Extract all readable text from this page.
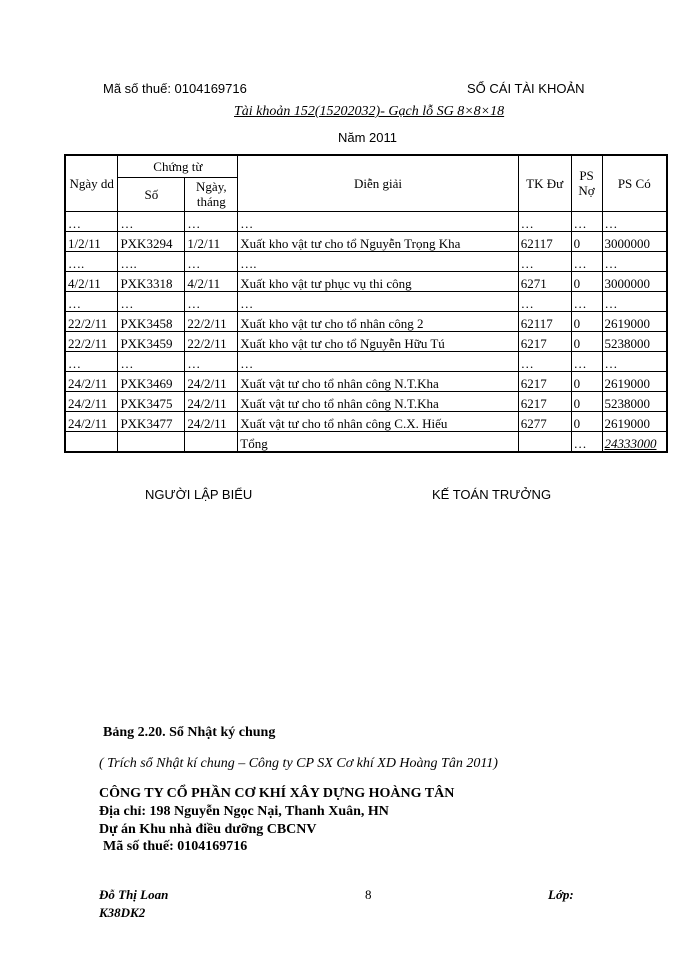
Mã số thuế: 0104169716	SỔ CÁI TÀI KHOẢN
Tài khoản 152(15202032)- Gạch lỗ SG 8×8×18
Năm 2011
Ngày dd	Chứng từ		Diễn giải	TK Đư	PS Nợ	PS Có
	Số	Ngày, tháng				
…	…	…	…	…	…	…
1/2/11	PXK3294	1/2/11	Xuất kho vật tư cho tổ Nguyễn Trọng Kha	62117	0	3000000
….	….	…	….	…	…	…
4/2/11	PXK3318	4/2/11	Xuất kho vật tư phục vụ thi công	6271	0	3000000
…	…	…	…	…	…	…
22/2/11	PXK3458	22/2/11	Xuất kho vật tư cho tổ nhân công 2	62117	0	2619000
22/2/11	PXK3459	22/2/11	Xuất kho vật tư cho tổ Nguyễn Hữu Tú	6217	0	5238000
…	…	…	…	…	…	…
24/2/11	PXK3469	24/2/11	Xuất vật tư cho tổ nhân công N.T.Kha	6217	0	2619000
24/2/11	PXK3475	24/2/11	Xuất vật tư cho tổ nhân công N.T.Kha	6217	0	5238000
24/2/11	PXK3477	24/2/11	Xuất vật tư cho tổ nhân công C.X. Hiếu	6277	0	2619000
			Tổng		…	24333000
NGƯỜI LẬP BIỂU	KẾ TOÁN TRƯỞNG
Bảng 2.20. Sổ Nhật ký chung
( Trích sổ Nhật kí chung – Công ty CP SX Cơ khí XD Hoàng Tân 2011)
CÔNG TY CỔ PHẦN CƠ KHÍ XÂY DỰNG HOÀNG TÂN
Địa chỉ: 198 Nguyễn Ngọc Nại, Thanh Xuân, HN
Dự án Khu nhà điều dưỡng CBCNV
Mã số thuế: 0104169716
Đỗ Thị Loan
K38DK2
8	Lớp:
